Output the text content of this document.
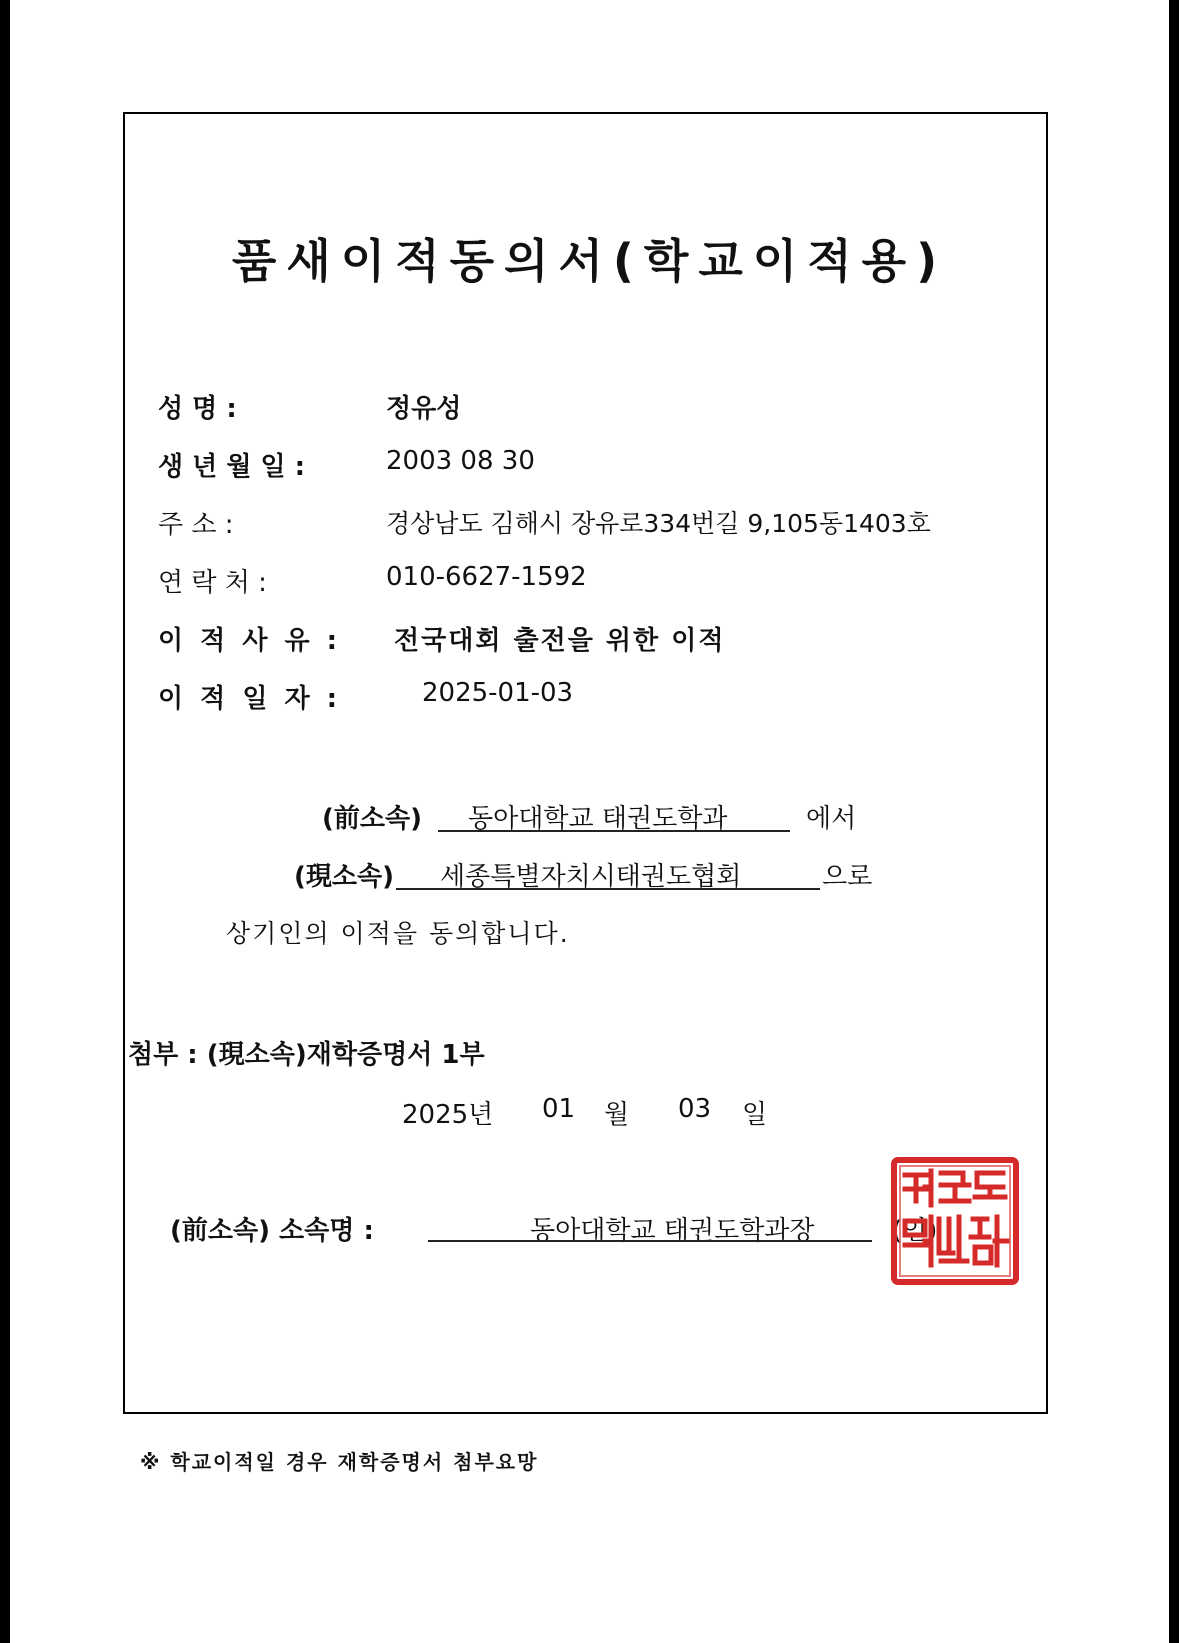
품새이적동의서(학교이적용)
성 명 :	정유성
생 년 월 일 :	2003 08 30
주 소 :	경상남도 김해시 장유로334번길 9,105동1403호
연 락 처 :	010-6627-1592
이 적 사 유 : 전국대회 출전을 위한 이적
이 적 일 자 :	2025-01-03
(前소속) 동아대학교 태권도학과	에서
(現소속) 세종특별자치시태권도협회	으로
상기인의 이적을 동의합니다.
첨부 : (現소속)재학증명서 1부
2025년 01 월 03 일
(前소속) 소속명 :	동아대학교 태권도학과장	(인)
※ 학교이적일 경우 재학증명서 첨부요망
